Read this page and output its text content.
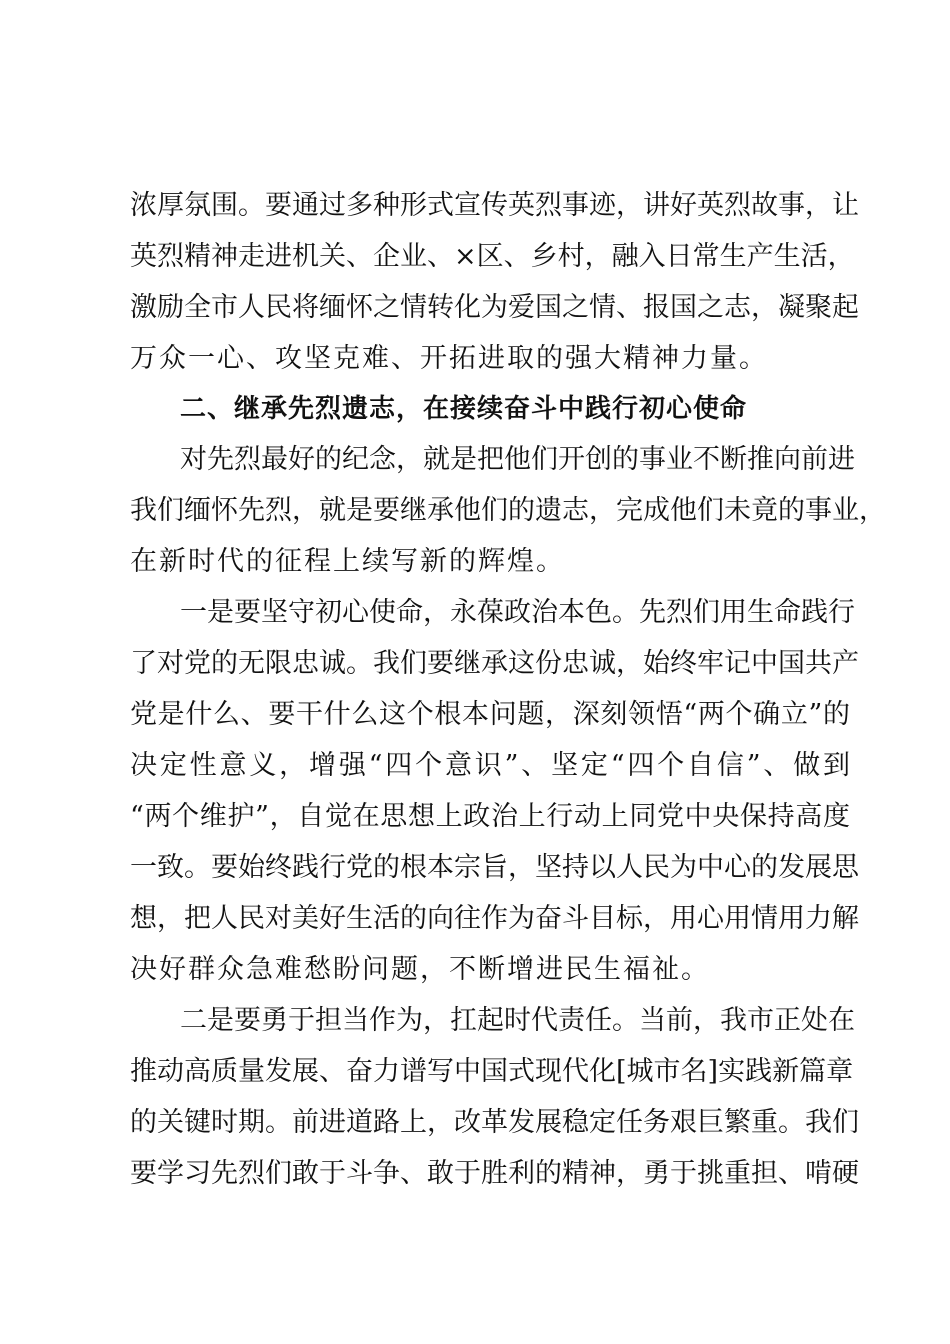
浓厚氛围。要通过多种形式宣传英烈事迹，讲好英烈故事，让
英烈精神走进机关、企业、×区、乡村，融入日常生产生活，
激励全市人民将缅怀之情转化为爱国之情、报国之志，凝聚起
万众一心、攻坚克难、开拓进取的强大精神力量。
二、继承先烈遗志，在接续奋斗中践行初心使命
对先烈最好的纪念，就是把他们开创的事业不断推向前进
我们缅怀先烈，就是要继承他们的遗志，完成他们未竟的事业，
在新时代的征程上续写新的辉煌。
一是要坚守初心使命，永葆政治本色。先烈们用生命践行
了对党的无限忠诚。我们要继承这份忠诚，始终牢记中国共产
党是什么、要干什么这个根本问题，深刻领悟“两个确立”的
决定性意义，增强“四个意识”、坚定“四个自信”、做到
“两个维护”，自觉在思想上政治上行动上同党中央保持高度
一致。要始终践行党的根本宗旨，坚持以人民为中心的发展思
想，把人民对美好生活的向往作为奋斗目标，用心用情用力解
决好群众急难愁盼问题，不断增进民生福祉。
二是要勇于担当作为，扛起时代责任。当前，我市正处在
推动高质量发展、奋力谱写中国式现代化[城市名]实践新篇章
的关键时期。前进道路上，改革发展稳定任务艰巨繁重。我们
要学习先烈们敢于斗争、敢于胜利的精神，勇于挑重担、啃硬
